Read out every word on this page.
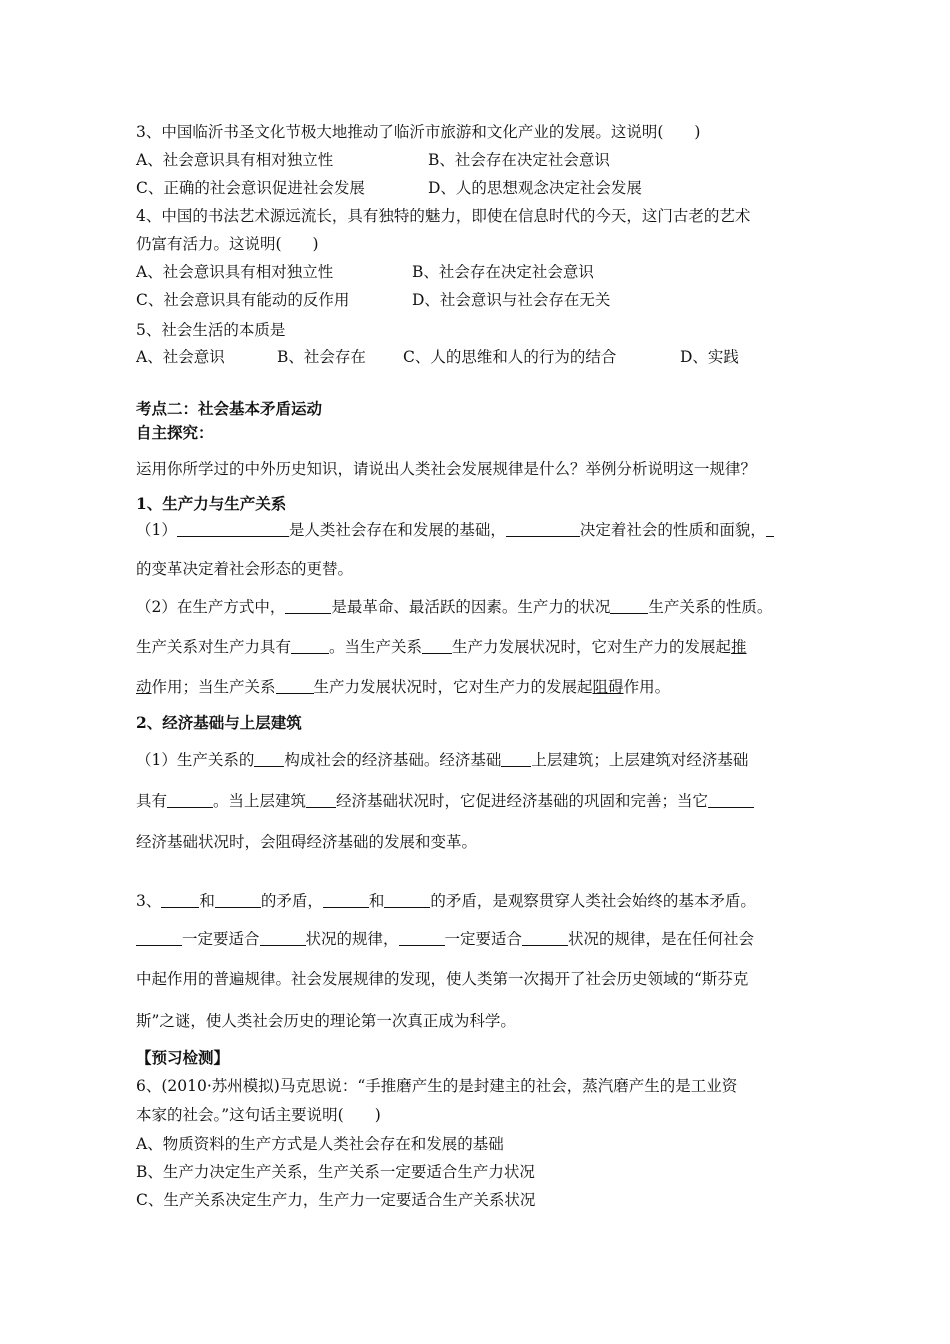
3、中国临沂书圣文化节极大地推动了临沂市旅游和文化产业的发展。这说明(　　)
A、社会意识具有相对独立性	B、社会存在决定社会意识
C、正确的社会意识促进社会发展	D、人的思想观念决定社会发展
4、中国的书法艺术源远流长，具有独特的魅力，即使在信息时代的今天，这门古老的艺术
仍富有活力。这说明(　　)
A、社会意识具有相对独立性	B、社会存在决定社会意识
C、社会意识具有能动的反作用	D、社会意识与社会存在无关
5、社会生活的本质是
A、社会意识	B、社会存在 C、人的思维和人的行为的结合	D、实践
考点二：社会基本矛盾运动
自主探究：
运用你所学过的中外历史知识，请说出人类社会发展规律是什么？举例分析说明这一规律？
1、生产力与生产关系
（1）	是人类社会存在和发展的基础，	决定着社会的性质和面貌，
的变革决定着社会形态的更替。
（2）在生产方式中，	是最革命、最活跃的因素。生产力的状况 生产关系的性质。
生产关系对生产力具有 。当生产关系 生产力发展状况时，它对生产力的发展起推
动作用；当生产关系 生产力发展状况时，它对生产力的发展起阻碍作用。
2、经济基础与上层建筑
（1）生产关系的 构成社会的经济基础。经济基础 上层建筑；上层建筑对经济基础
具有	。当上层建筑 经济基础状况时，它促进经济基础的巩固和完善；当它
经济基础状况时，会阻碍经济基础的发展和变革。
3、 和	的矛盾，	和	的矛盾，是观察贯穿人类社会始终的基本矛盾。
一定要适合	状况的规律，	一定要适合	状况的规律，是在任何社会
中起作用的普遍规律。社会发展规律的发现，使人类第一次揭开了社会历史领域的“斯芬克
斯”之谜，使人类社会历史的理论第一次真正成为科学。
【预习检测】
6、(2010·苏州模拟)马克思说：“手推磨产生的是封建主的社会，蒸汽磨产生的是工业资
本家的社会。”这句话主要说明(　　)
A、物质资料的生产方式是人类社会存在和发展的基础
B、生产力决定生产关系，生产关系一定要适合生产力状况
C、生产关系决定生产力，生产力一定要适合生产关系状况
